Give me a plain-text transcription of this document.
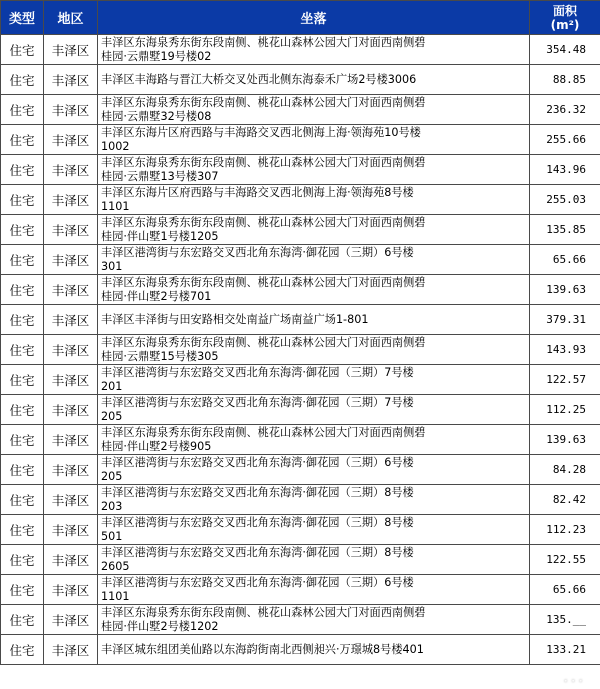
类型	地区	坐落	面积
(m²)
住宅	丰泽区	丰泽区东海泉秀东街东段南侧、桃花山森林公园大门对面西南侧碧
桂园·云鼎墅19号楼02	354.48
住宅	丰泽区	丰泽区丰海路与晋江大桥交叉处西北侧东海泰禾广场2号楼3006	88.85
住宅	丰泽区	丰泽区东海泉秀东街东段南侧、桃花山森林公园大门对面西南侧碧
桂园·云鼎墅32号楼08	236.32
住宅	丰泽区	丰泽区东海片区府西路与丰海路交叉西北侧海上海·领海苑10号楼
1002	255.66
住宅	丰泽区	丰泽区东海泉秀东街东段南侧、桃花山森林公园大门对面西南侧碧
桂园·云鼎墅13号楼307	143.96
住宅	丰泽区	丰泽区东海片区府西路与丰海路交叉西北侧海上海·领海苑8号楼
1101	255.03
住宅	丰泽区	丰泽区东海泉秀东街东段南侧、桃花山森林公园大门对面西南侧碧
桂园·伴山墅1号楼1205	135.85
住宅	丰泽区	丰泽区港湾街与东宏路交叉西北角东海湾·御花园（三期）6号楼
301	65.66
住宅	丰泽区	丰泽区东海泉秀东街东段南侧、桃花山森林公园大门对面西南侧碧
桂园·伴山墅2号楼701	139.63
住宅	丰泽区	丰泽区丰泽街与田安路相交处南益广场南益广场1-801	379.31
住宅	丰泽区	丰泽区东海泉秀东街东段南侧、桃花山森林公园大门对面西南侧碧
桂园·云鼎墅15号楼305	143.93
住宅	丰泽区	丰泽区港湾街与东宏路交叉西北角东海湾·御花园（三期）7号楼
201	122.57
住宅	丰泽区	丰泽区港湾街与东宏路交叉西北角东海湾·御花园（三期）7号楼
205	112.25
住宅	丰泽区	丰泽区东海泉秀东街东段南侧、桃花山森林公园大门对面西南侧碧
桂园·伴山墅2号楼905	139.63
住宅	丰泽区	丰泽区港湾街与东宏路交叉西北角东海湾·御花园（三期）6号楼
205	84.28
住宅	丰泽区	丰泽区港湾街与东宏路交叉西北角东海湾·御花园（三期）8号楼
203	82.42
住宅	丰泽区	丰泽区港湾街与东宏路交叉西北角东海湾·御花园（三期）8号楼
501	112.23
住宅	丰泽区	丰泽区港湾街与东宏路交叉西北角东海湾·御花园（三期）8号楼
2605	122.55
住宅	丰泽区	丰泽区港湾街与东宏路交叉西北角东海湾·御花园（三期）6号楼
1101	65.66
住宅	丰泽区	丰泽区东海泉秀东街东段南侧、桃花山森林公园大门对面西南侧碧
桂园·伴山墅2号楼1202	135.__
住宅	丰泽区	丰泽区城东组团美仙路以东海韵街南北西侧昶兴·万璟城8号楼401	133.21
．．．
